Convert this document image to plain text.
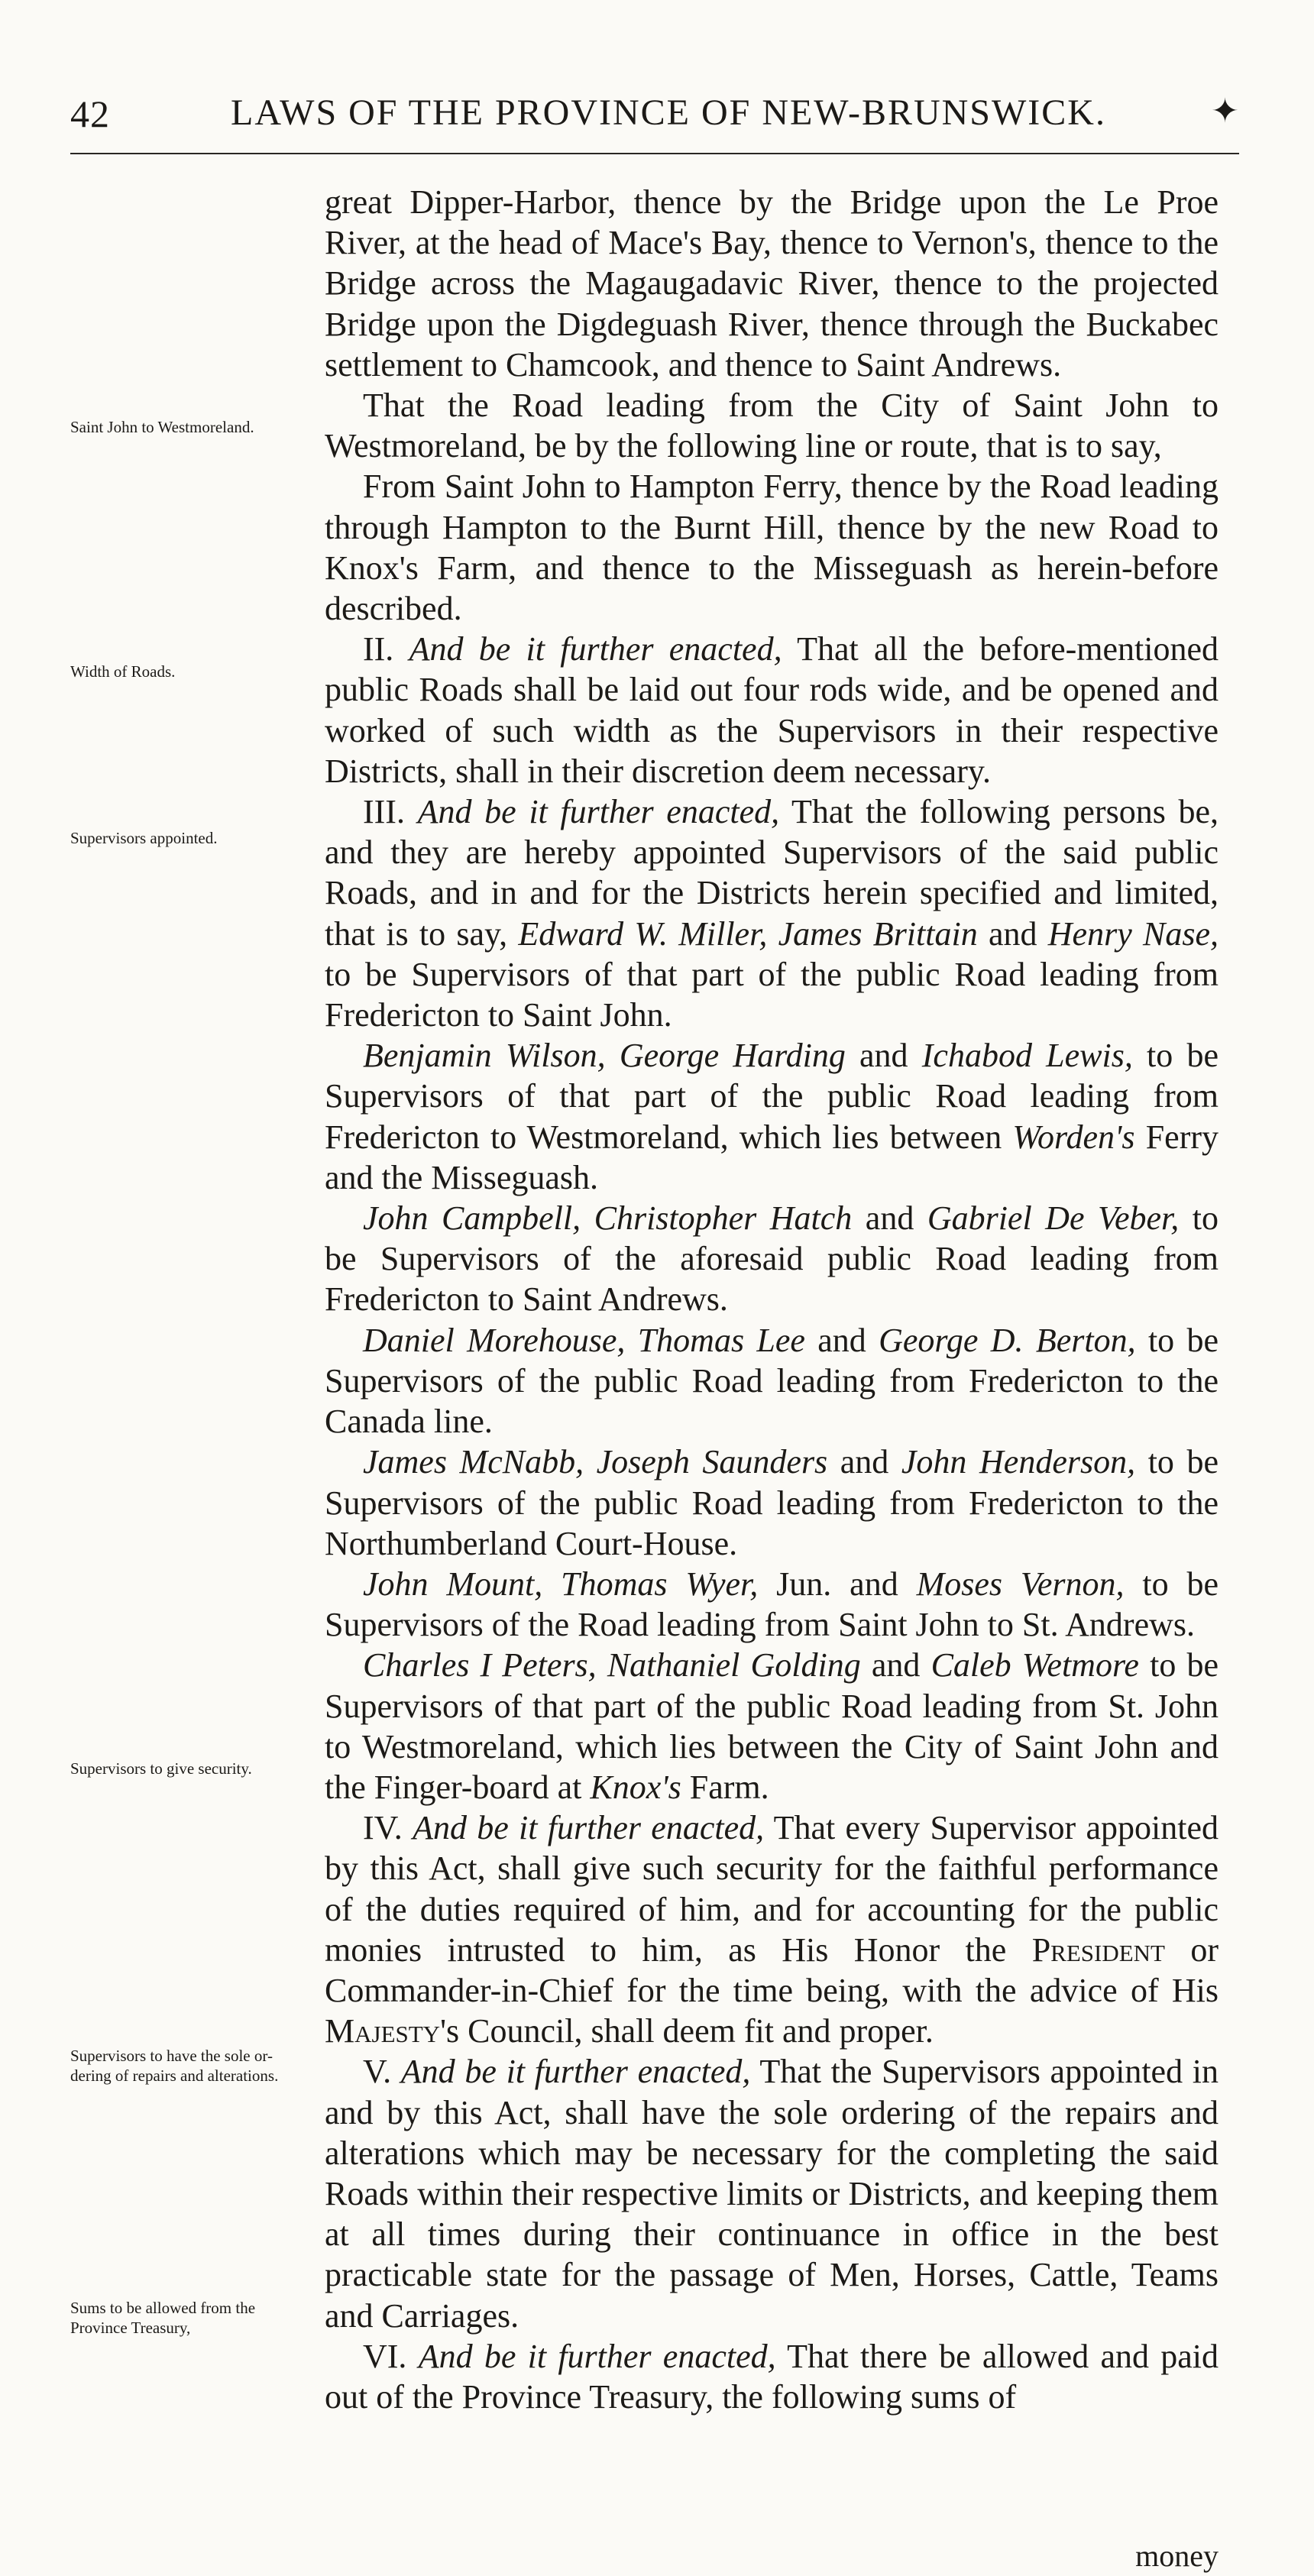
42	LAWS OF THE PROVINCE OF NEW-BRUNSWICK.	✦
Saint John to Westmoreland.
Width of Roads.
Supervisors appointed.
Supervisors to give security.
Supervisors to have the sole or-
dering of repairs and alterations.
Sums to be allowed from the
Province Treasury,

great Dipper-Harbor, thence by the Bridge upon the Le Proe River, at the head of Mace's Bay, thence to Vernon's, thence to the Bridge across the Magaugadavic River, thence to the projected Bridge upon the Digdeguash River, thence through the Buckabec settlement to Chamcook, and thence to Saint Andrews.

That the Road leading from the City of Saint John to Westmoreland, be by the following line or route, that is to say,

From Saint John to Hampton Ferry, thence by the Road leading through Hampton to the Burnt Hill, thence by the new Road to Knox's Farm, and thence to the Misseguash as herein-before described.

II. And be it further enacted, That all the before-mentioned public Roads shall be laid out four rods wide, and be opened and worked of such width as the Supervisors in their respective Districts, shall in their discretion deem necessary.

III. And be it further enacted, That the following persons be, and they are hereby appointed Supervisors of the said public Roads, and in and for the Districts herein specified and limited, that is to say, Edward W. Miller, James Brittain and Henry Nase, to be Supervisors of that part of the public Road leading from Fredericton to Saint John.

Benjamin Wilson, George Harding and Ichabod Lewis, to be Supervisors of that part of the public Road leading from Fredericton to Westmoreland, which lies between Worden's Ferry and the Misseguash.

John Campbell, Christopher Hatch and Gabriel De Veber, to be Supervisors of the aforesaid public Road leading from Fredericton to Saint Andrews.

Daniel Morehouse, Thomas Lee and George D. Berton, to be Supervisors of the public Road leading from Fredericton to the Canada line.

James McNabb, Joseph Saunders and John Henderson, to be Supervisors of the public Road leading from Fredericton to the Northumberland Court-House.

John Mount, Thomas Wyer, Jun. and Moses Vernon, to be Supervisors of the Road leading from Saint John to St. Andrews.

Charles I Peters, Nathaniel Golding and Caleb Wetmore to be Supervisors of that part of the public Road leading from St. John to Westmoreland, which lies between the City of Saint John and the Finger-board at Knox's Farm.

IV. And be it further enacted, That every Supervisor appointed by this Act, shall give such security for the faithful performance of the duties required of him, and for accounting for the public monies intrusted to him, as His Honor the President or Commander-in-Chief for the time being, with the advice of His Majesty's Council, shall deem fit and proper.

V. And be it further enacted, That the Supervisors appointed in and by this Act, shall have the sole ordering of the repairs and alterations which may be necessary for the completing the said Roads within their respective limits or Districts, and keeping them at all times during their continuance in office in the best practicable state for the passage of Men, Horses, Cattle, Teams and Carriages.

VI. And be it further enacted, That there be allowed and paid out of the Province Treasury, the following sums of

money
